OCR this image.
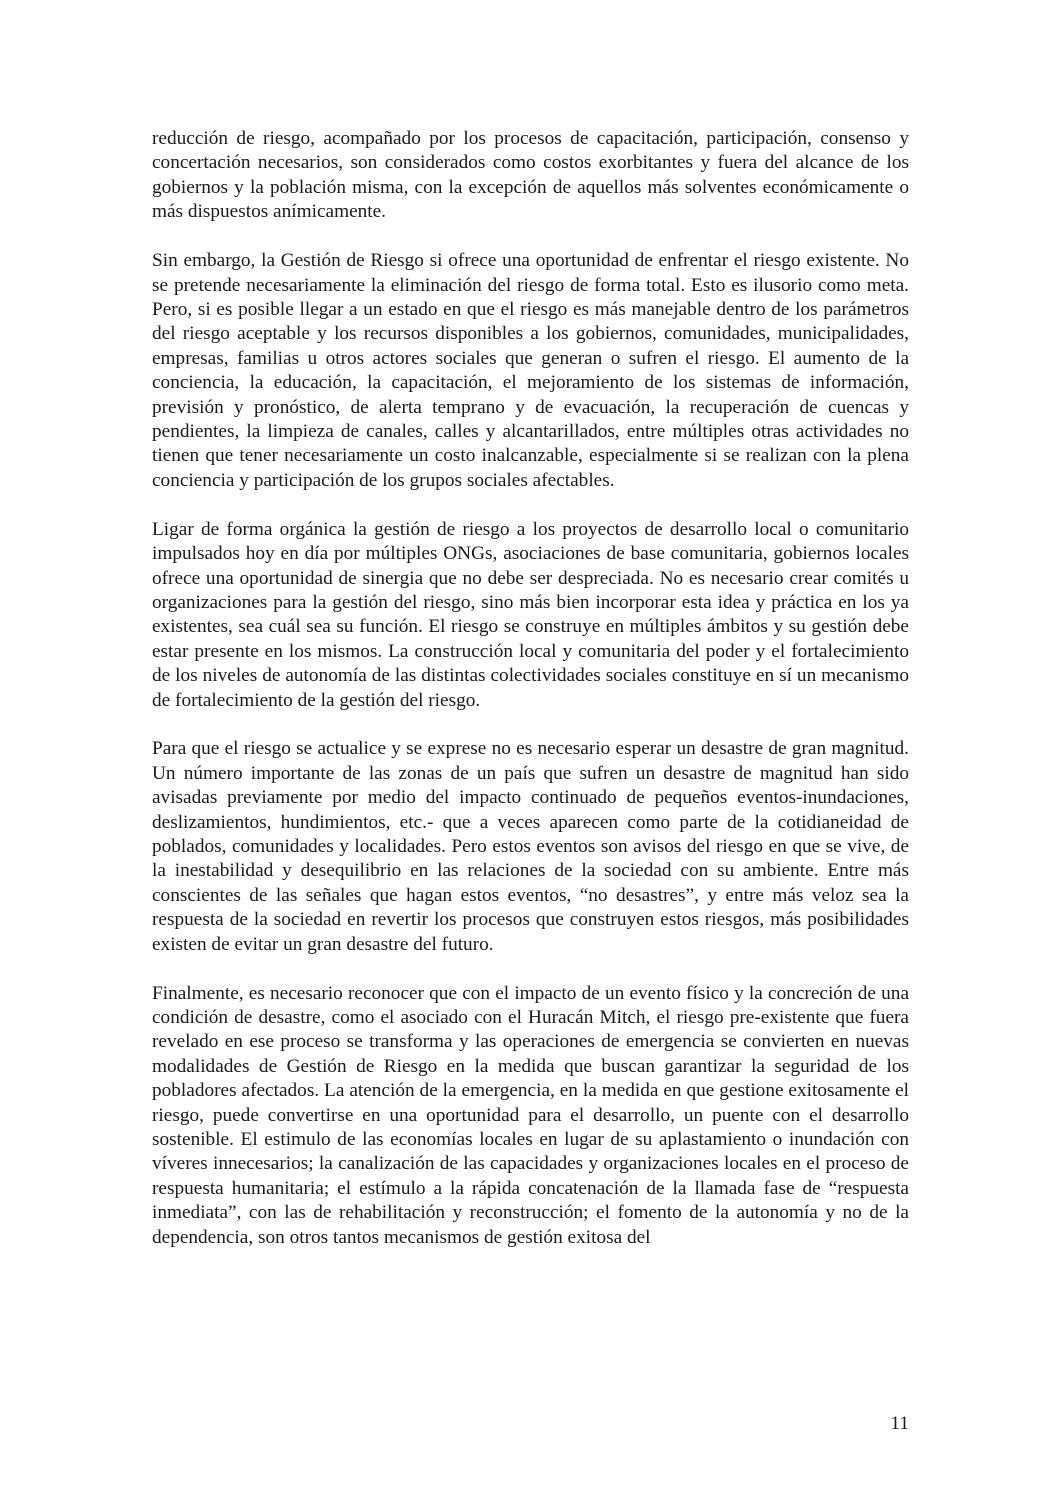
reducción de riesgo, acompañado por los procesos de capacitación, participación, consenso y concertación necesarios, son considerados como costos exorbitantes y fuera del alcance de los gobiernos y la población misma, con la excepción de aquellos más solventes económicamente o más dispuestos anímicamente.

Sin embargo, la Gestión de Riesgo si ofrece una oportunidad de enfrentar el riesgo existente. No se pretende necesariamente la eliminación del riesgo de forma total. Esto es ilusorio como meta. Pero, si es posible llegar a un estado en que el riesgo es más manejable dentro de los parámetros del riesgo aceptable y los recursos disponibles a los gobiernos, comunidades, municipalidades, empresas, familias u otros actores sociales que generan o sufren el riesgo. El aumento de la conciencia, la educación, la capacitación, el mejoramiento de los sistemas de información, previsión y pronóstico, de alerta temprano y de evacuación, la recuperación de cuencas y pendientes, la limpieza de canales, calles y alcantarillados, entre múltiples otras actividades no tienen que tener necesariamente un costo inalcanzable, especialmente si se realizan con la plena conciencia y participación de los grupos sociales afectables.

Ligar de forma orgánica la gestión de riesgo a los proyectos de desarrollo local o comunitario impulsados hoy en día por múltiples ONGs, asociaciones de base comunitaria, gobiernos locales ofrece una oportunidad de sinergia que no debe ser despreciada. No es necesario crear comités u organizaciones para la gestión del riesgo, sino más bien incorporar esta idea y práctica en los ya existentes, sea cuál sea su función. El riesgo se construye en múltiples ámbitos y su gestión debe estar presente en los mismos. La construcción local y comunitaria del poder y el fortalecimiento de los niveles de autonomía de las distintas colectividades sociales constituye en sí un mecanismo de fortalecimiento de la gestión del riesgo.

Para que el riesgo se actualice y se exprese no es necesario esperar un desastre de gran magnitud. Un número importante de las zonas de un país que sufren un desastre de magnitud han sido avisadas previamente por medio del impacto continuado de pequeños eventos-inundaciones, deslizamientos, hundimientos, etc.- que a veces aparecen como parte de la cotidianeidad de poblados, comunidades y localidades. Pero estos eventos son avisos del riesgo en que se vive, de la inestabilidad y desequilibrio en las relaciones de la sociedad con su ambiente. Entre más conscientes de las señales que hagan estos eventos, “no desastres”, y entre más veloz sea la respuesta de la sociedad en revertir los procesos que construyen estos riesgos, más posibilidades existen de evitar un gran desastre del futuro.

Finalmente, es necesario reconocer que con el impacto de un evento físico y la concreción de una condición de desastre, como el asociado con el Huracán Mitch, el riesgo pre-existente que fuera revelado en ese proceso se transforma y las operaciones de emergencia se convierten en nuevas modalidades de Gestión de Riesgo en la medida que buscan garantizar la seguridad de los pobladores afectados. La atención de la emergencia, en la medida en que gestione exitosamente el riesgo, puede convertirse en una oportunidad para el desarrollo, un puente con el desarrollo sostenible. El estimulo de las economías locales en lugar de su aplastamiento o inundación con víveres innecesarios; la canalización de las capacidades y organizaciones locales en el proceso de respuesta humanitaria; el estímulo a la rápida concatenación de la llamada fase de “respuesta inmediata”, con las de rehabilitación y reconstrucción; el fomento de la autonomía y no de la dependencia, son otros tantos mecanismos de gestión exitosa del

11
